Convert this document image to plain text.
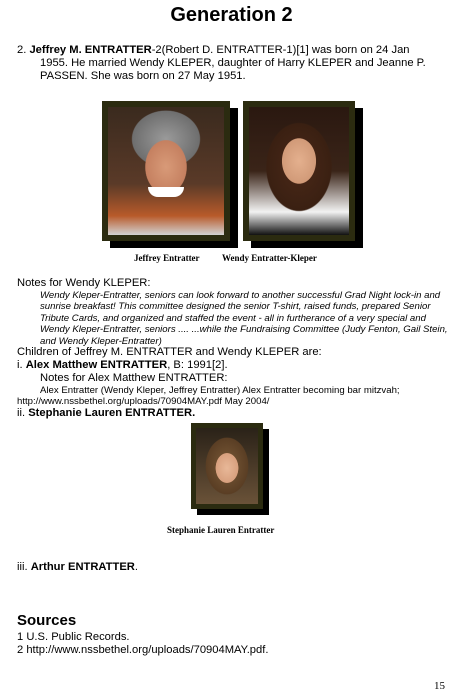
Generation 2
2. Jeffrey M. ENTRATTER-2(Robert D. ENTRATTER-1)[1] was born on 24 Jan
1955. He married Wendy KLEPER, daughter of Harry KLEPER and Jeanne P.
PASSEN. She was born on 27 May 1951.
Jeffrey Entratter Wendy Entratter-Kleper
Notes for Wendy KLEPER:
Wendy Kleper-Entratter, seniors can look forward to another successful Grad Night lock-in and
sunrise breakfast! This committee designed the senior T-shirt, raised funds, prepared Senior
Tribute Cards, and organized and staffed the event - all in furtherance of a very special and
Wendy Kleper-Entratter, seniors .... ...while the Fundraising Committee (Judy Fenton, Gail Stein,
and Wendy Kleper-Entratter)
Children of Jeffrey M. ENTRATTER and Wendy KLEPER are:
i. Alex Matthew ENTRATTER, B: 1991[2].
Notes for Alex Matthew ENTRATTER:
Alex Entratter (Wendy Kleper, Jeffrey Entratter) Alex Entratter becoming bar mitzvah;
http://www.nssbethel.org/uploads/70904MAY.pdf May 2004/
ii. Stephanie Lauren ENTRATTER.
Stephanie Lauren Entratter
iii. Arthur ENTRATTER.
Sources
1 U.S. Public Records.
2 http://www.nssbethel.org/uploads/70904MAY.pdf.
15
